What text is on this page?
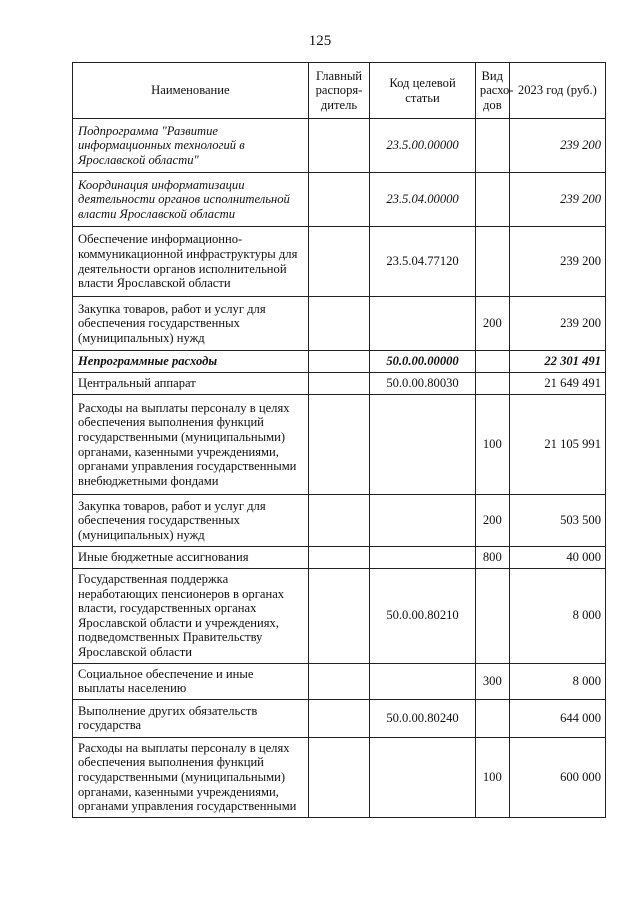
125
Наименование	Главный распоря-дитель	Код целевой статьи	Вид расхо-дов	2023 год (руб.)
Подпрограмма "Развитие информационных технологий в Ярославской области"		23.5.00.00000		239 200
Координация информатизации деятельности органов исполнительной власти Ярославской области		23.5.04.00000		239 200
Обеспечение информационно-коммуникационной инфраструктуры для деятельности органов исполнительной власти Ярославской области		23.5.04.77120		239 200
Закупка товаров, работ и услуг для обеспечения государственных (муниципальных) нужд			200	239 200
Непрограммные расходы		50.0.00.00000		22 301 491
Центральный аппарат		50.0.00.80030		21 649 491
Расходы на выплаты персоналу в целях обеспечения выполнения функций государственными (муниципальными) органами, казенными учреждениями, органами управления государственными внебюджетными фондами			100	21 105 991
Закупка товаров, работ и услуг для обеспечения государственных (муниципальных) нужд			200	503 500
Иные бюджетные ассигнования			800	40 000
Государственная поддержка неработающих пенсионеров в органах власти, государственных органах Ярославской области и учреждениях, подведомственных Правительству Ярославской области		50.0.00.80210		8 000
Социальное обеспечение и иные выплаты населению			300	8 000
Выполнение других обязательств государства		50.0.00.80240		644 000
Расходы на выплаты персоналу в целях обеспечения выполнения функций государственными (муниципальными) органами, казенными учреждениями, органами управления государственными			100	600 000
